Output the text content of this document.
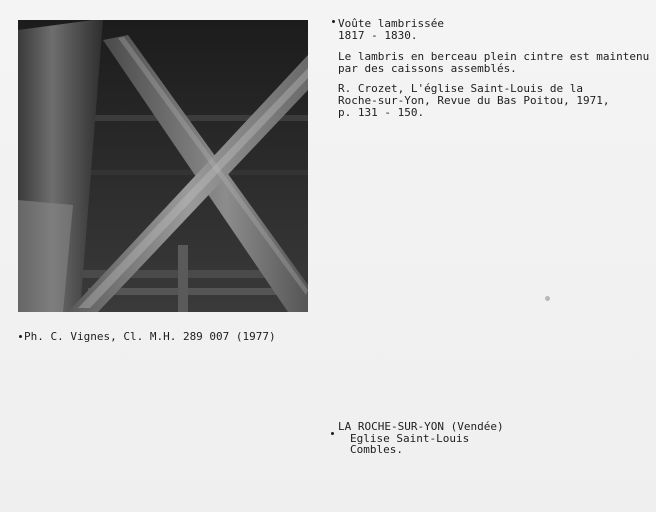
Voûte lambrissée
1817 - 1830.
Le lambris en berceau plein cintre est maintenu
par des caissons assemblés.
R. Crozet, L'église Saint-Louis de la
Roche-sur-Yon, Revue du Bas Poitou, 1971,
p. 131 - 150.
Ph. C. Vignes, Cl. M.H. 289 007 (1977)
LA ROCHE-SUR-YON (Vendée)
Eglise Saint-Louis
Combles.
